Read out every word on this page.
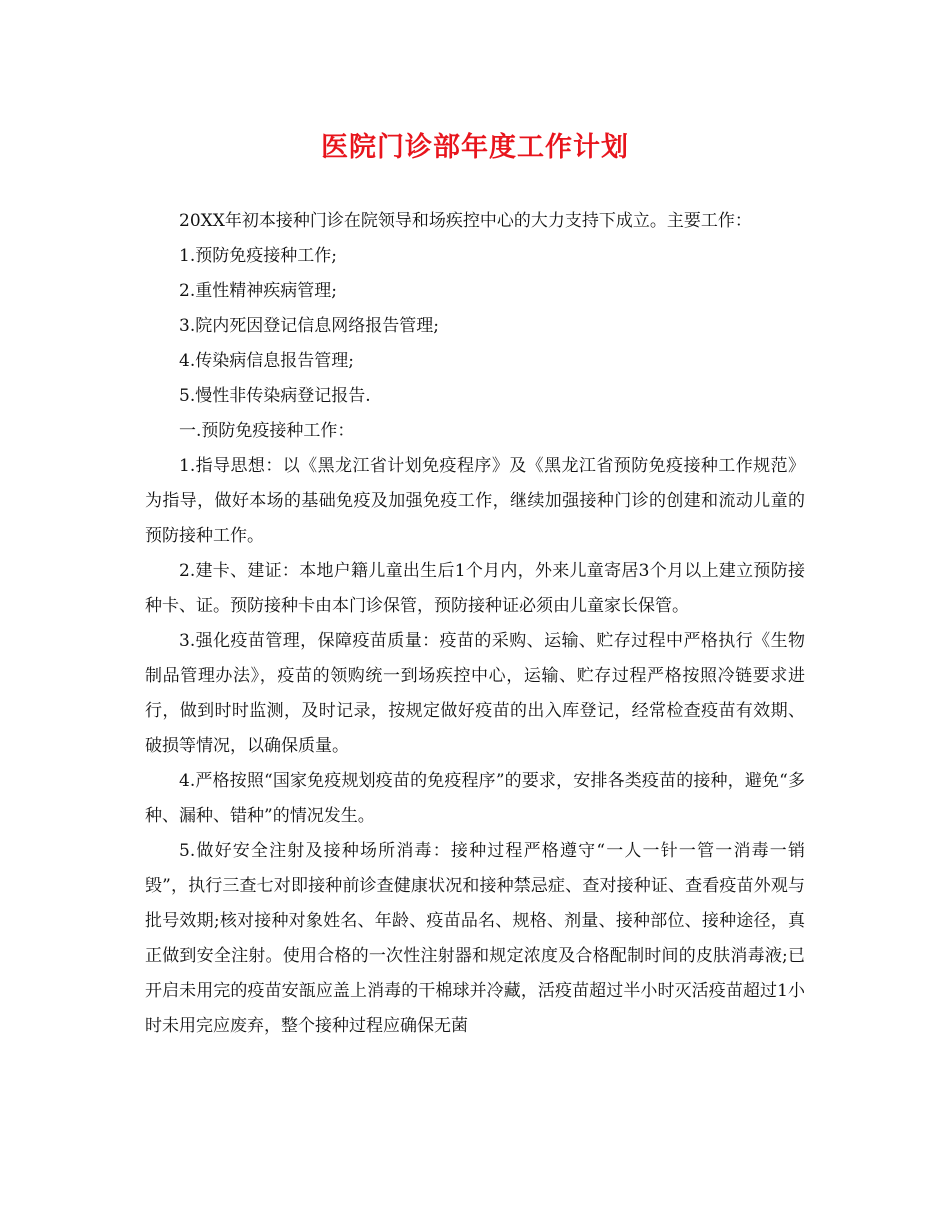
医院门诊部年度工作计划

20XX年初本接种门诊在院领导和场疾控中心的大力支持下成立。主要工作：

1.预防免疫接种工作;

2.重性精神疾病管理;

3.院内死因登记信息网络报告管理;

4.传染病信息报告管理;

5.慢性非传染病登记报告.

一.预防免疫接种工作：

1.指导思想：以《黑龙江省计划免疫程序》及《黑龙江省预防免疫接种工作规范》为指导，做好本场的基础免疫及加强免疫工作，继续加强接种门诊的创建和流动儿童的预防接种工作。

2.建卡、建证：本地户籍儿童出生后1个月内，外来儿童寄居3个月以上建立预防接种卡、证。预防接种卡由本门诊保管，预防接种证必须由儿童家长保管。

3.强化疫苗管理，保障疫苗质量：疫苗的采购、运输、贮存过程中严格执行《生物制品管理办法》，疫苗的领购统一到场疾控中心，运输、贮存过程严格按照冷链要求进行，做到时时监测，及时记录，按规定做好疫苗的出入库登记，经常检查疫苗有效期、破损等情况，以确保质量。

4.严格按照“国家免疫规划疫苗的免疫程序”的要求，安排各类疫苗的接种，避免“多种、漏种、错种”的情况发生。

5.做好安全注射及接种场所消毒：接种过程严格遵守“一人一针一管一消毒一销毁”，执行三查七对即接种前诊查健康状况和接种禁忌症、查对接种证、查看疫苗外观与批号效期;核对接种对象姓名、年龄、疫苗品名、规格、剂量、接种部位、接种途径，真正做到安全注射。使用合格的一次性注射器和规定浓度及合格配制时间的皮肤消毒液;已开启未用完的疫苗安瓿应盖上消毒的干棉球并冷藏，活疫苗超过半小时灭活疫苗超过1小时未用完应废弃，整个接种过程应确保无菌
